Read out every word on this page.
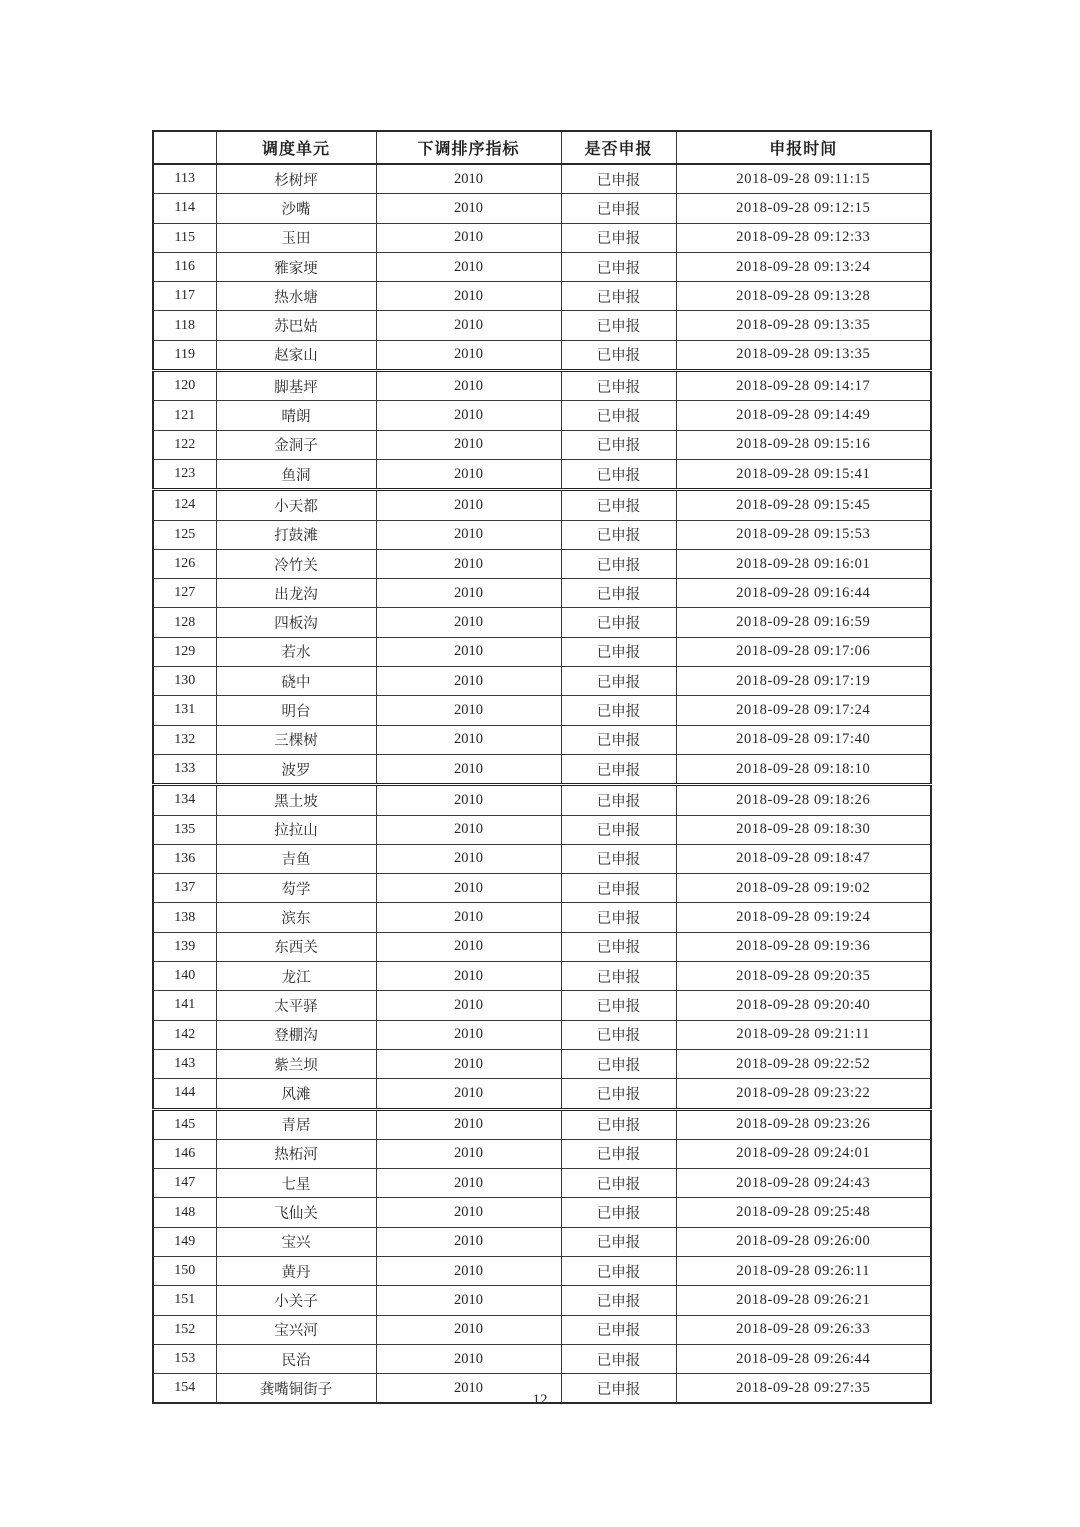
	调度单元	下调排序指标	是否申报	申报时间
113	杉树坪	2010	已申报	2018-09-28 09:11:15
114	沙嘴	2010	已申报	2018-09-28 09:12:15
115	玉田	2010	已申报	2018-09-28 09:12:33
116	雅家埂	2010	已申报	2018-09-28 09:13:24
117	热水塘	2010	已申报	2018-09-28 09:13:28
118	苏巴姑	2010	已申报	2018-09-28 09:13:35
119	赵家山	2010	已申报	2018-09-28 09:13:35
120	脚基坪	2010	已申报	2018-09-28 09:14:17
121	晴朗	2010	已申报	2018-09-28 09:14:49
122	金洞子	2010	已申报	2018-09-28 09:15:16
123	鱼洞	2010	已申报	2018-09-28 09:15:41
124	小天都	2010	已申报	2018-09-28 09:15:45
125	打鼓滩	2010	已申报	2018-09-28 09:15:53
126	冷竹关	2010	已申报	2018-09-28 09:16:01
127	出龙沟	2010	已申报	2018-09-28 09:16:44
128	四板沟	2010	已申报	2018-09-28 09:16:59
129	若水	2010	已申报	2018-09-28 09:17:06
130	硗中	2010	已申报	2018-09-28 09:17:19
131	明台	2010	已申报	2018-09-28 09:17:24
132	三棵树	2010	已申报	2018-09-28 09:17:40
133	波罗	2010	已申报	2018-09-28 09:18:10
134	黑土坡	2010	已申报	2018-09-28 09:18:26
135	拉拉山	2010	已申报	2018-09-28 09:18:30
136	吉鱼	2010	已申报	2018-09-28 09:18:47
137	芶学	2010	已申报	2018-09-28 09:19:02
138	滨东	2010	已申报	2018-09-28 09:19:24
139	东西关	2010	已申报	2018-09-28 09:19:36
140	龙江	2010	已申报	2018-09-28 09:20:35
141	太平驿	2010	已申报	2018-09-28 09:20:40
142	登棚沟	2010	已申报	2018-09-28 09:21:11
143	紫兰坝	2010	已申报	2018-09-28 09:22:52
144	风滩	2010	已申报	2018-09-28 09:23:22
145	青居	2010	已申报	2018-09-28 09:23:26
146	热柘河	2010	已申报	2018-09-28 09:24:01
147	七星	2010	已申报	2018-09-28 09:24:43
148	飞仙关	2010	已申报	2018-09-28 09:25:48
149	宝兴	2010	已申报	2018-09-28 09:26:00
150	黄丹	2010	已申报	2018-09-28 09:26:11
151	小关子	2010	已申报	2018-09-28 09:26:21
152	宝兴河	2010	已申报	2018-09-28 09:26:33
153	民治	2010	已申报	2018-09-28 09:26:44
154	龚嘴铜街子	2010	已申报	2018-09-28 09:27:35
12
